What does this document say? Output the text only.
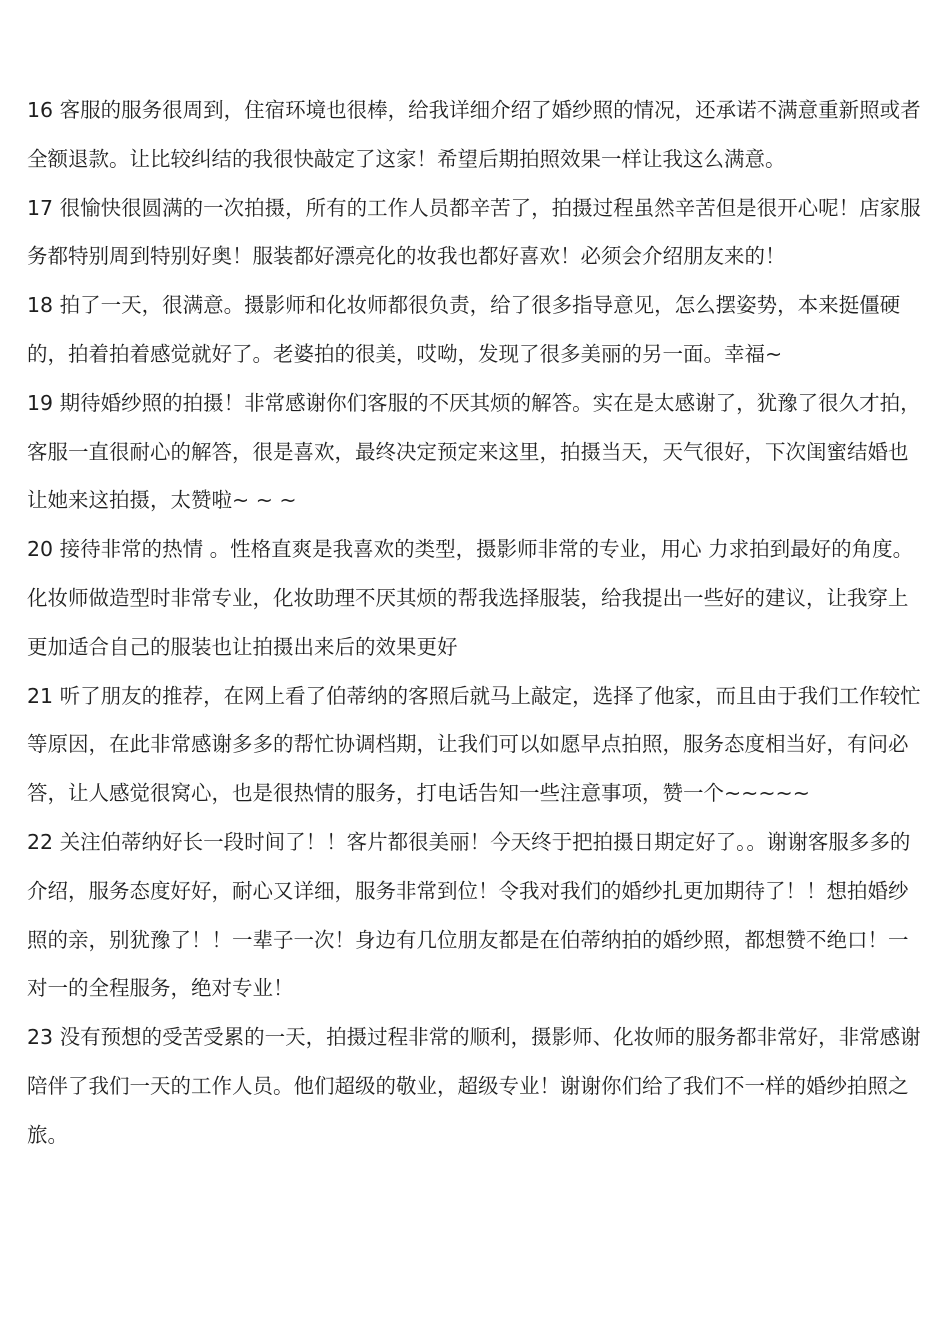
16 客服的服务很周到，住宿环境也很棒，给我详细介绍了婚纱照的情况，还承诺不满意重新照或者全额退款。让比较纠结的我很快敲定了这家！希望后期拍照效果一样让我这么满意。

17 很愉快很圆满的一次拍摄，所有的工作人员都辛苦了，拍摄过程虽然辛苦但是很开心呢！店家服务都特别周到特别好奥！服装都好漂亮化的妆我也都好喜欢！必须会介绍朋友来的！

18 拍了一天，很满意。摄影师和化妆师都很负责，给了很多指导意见，怎么摆姿势，本来挺僵硬的，拍着拍着感觉就好了。老婆拍的很美，哎呦，发现了很多美丽的另一面。幸福~

19 期待婚纱照的拍摄！非常感谢你们客服的不厌其烦的解答。实在是太感谢了，犹豫了很久才拍，客服一直很耐心的解答，很是喜欢，最终决定预定来这里，拍摄当天，天气很好，下次闺蜜结婚也让她来这拍摄，太赞啦~ ~ ~

20 接待非常的热情 。性格直爽是我喜欢的类型，摄影师非常的专业，用心 力求拍到最好的角度。化妆师做造型时非常专业，化妆助理不厌其烦的帮我选择服装，给我提出一些好的建议，让我穿上更加适合自己的服装也让拍摄出来后的效果更好

21 听了朋友的推荐，在网上看了伯蒂纳的客照后就马上敲定，选择了他家，而且由于我们工作较忙等原因，在此非常感谢多多的帮忙协调档期，让我们可以如愿早点拍照，服务态度相当好，有问必答，让人感觉很窝心，也是很热情的服务，打电话告知一些注意事项，赞一个~~~~~

22 关注伯蒂纳好长一段时间了！！客片都很美丽！今天终于把拍摄日期定好了。。谢谢客服多多的介绍，服务态度好好，耐心又详细，服务非常到位！令我对我们的婚纱扎更加期待了！！想拍婚纱照的亲，别犹豫了！！一辈子一次！身边有几位朋友都是在伯蒂纳拍的婚纱照，都想赞不绝口！一对一的全程服务，绝对专业！

23 没有预想的受苦受累的一天，拍摄过程非常的顺利，摄影师、化妆师的服务都非常好，非常感谢陪伴了我们一天的工作人员。他们超级的敬业，超级专业！谢谢你们给了我们不一样的婚纱拍照之旅。
